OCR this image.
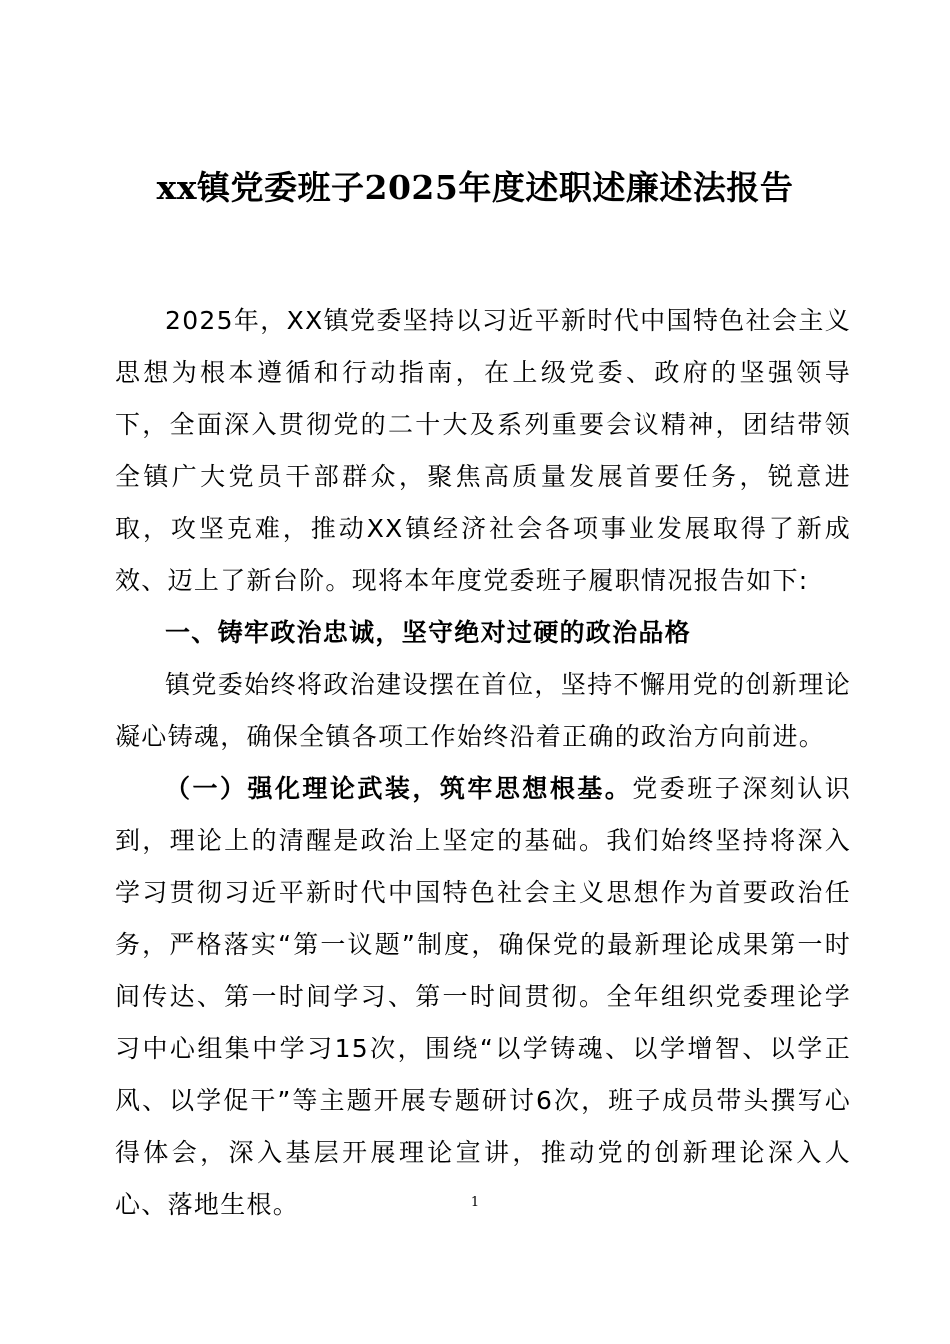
xx镇党委班子2025年度述职述廉述法报告

2025年，XX镇党委坚持以习近平新时代中国特色社会主义思想为根本遵循和行动指南，在上级党委、政府的坚强领导下，全面深入贯彻党的二十大及系列重要会议精神，团结带领全镇广大党员干部群众，聚焦高质量发展首要任务，锐意进取，攻坚克难，推动XX镇经济社会各项事业发展取得了新成效、迈上了新台阶。现将本年度党委班子履职情况报告如下:

一、铸牢政治忠诚，坚守绝对过硬的政治品格

镇党委始终将政治建设摆在首位，坚持不懈用党的创新理论凝心铸魂，确保全镇各项工作始终沿着正确的政治方向前进。

（一）强化理论武装，筑牢思想根基。党委班子深刻认识到，理论上的清醒是政治上坚定的基础。我们始终坚持将深入学习贯彻习近平新时代中国特色社会主义思想作为首要政治任务，严格落实“第一议题”制度，确保党的最新理论成果第一时间传达、第一时间学习、第一时间贯彻。全年组织党委理论学习中心组集中学习15次，围绕“以学铸魂、以学增智、以学正风、以学促干”等主题开展专题研讨6次，班子成员带头撰写心得体会，深入基层开展理论宣讲，推动党的创新理论深入人心、落地生根。	1
